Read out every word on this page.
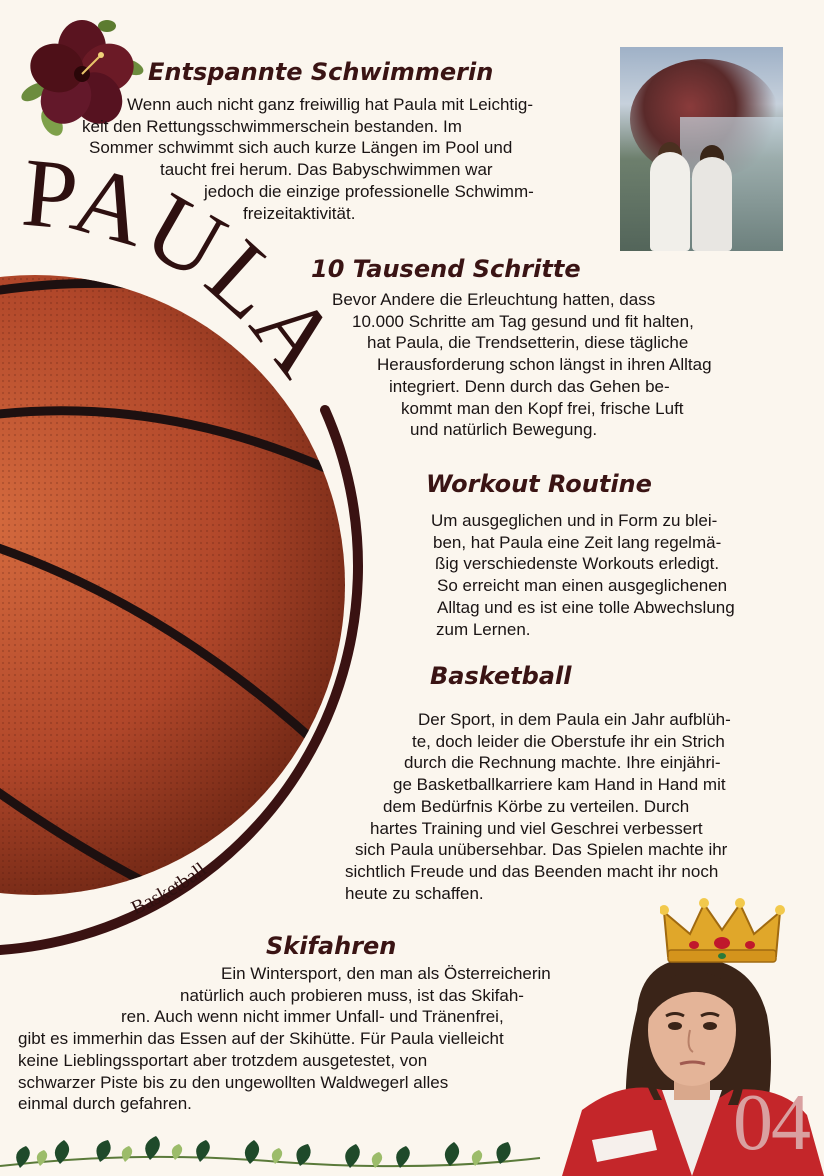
PAULA
Basketball
Entspannte Schwimmerin
Wenn auch nicht ganz freiwillig hat Paula mit Leichtig-
keit den Rettungsschwimmerschein bestanden. Im
Sommer schwimmt sich auch kurze Längen im Pool und
taucht frei herum. Das Babyschwimmen war
jedoch die einzige professionelle Schwimm-
freizeitaktivität.
10 Tausend Schritte
Bevor Andere die Erleuchtung hatten, dass
10.000 Schritte am Tag gesund und fit halten,
hat Paula, die Trendsetterin, diese tägliche
Herausforderung schon längst in ihren Alltag
integriert. Denn durch das Gehen be-
kommt man den Kopf frei, frische Luft
und natürlich Bewegung.
Workout Routine
Um ausgeglichen und in Form zu blei-
ben, hat Paula eine Zeit lang regelmä-
ßig verschiedenste Workouts erledigt.
So erreicht man einen ausgeglichenen
Alltag und es ist eine tolle Abwechslung
zum Lernen.
Basketball
Der Sport, in dem Paula ein Jahr aufblüh-
te, doch leider die Oberstufe ihr ein Strich
durch die Rechnung machte. Ihre einjähri-
ge Basketballkarriere kam Hand in Hand mit
dem Bedürfnis Körbe zu verteilen. Durch
hartes Training und viel Geschrei verbessert
sich Paula unübersehbar. Das Spielen machte ihr
sichtlich Freude und das Beenden macht ihr noch
heute zu schaffen.
Skifahren
Ein Wintersport, den man als Österreicherin
natürlich auch probieren muss, ist das Skifah-
ren. Auch wenn nicht immer Unfall- und Tränenfrei,
gibt es immerhin das Essen auf der Skihütte. Für Paula vielleicht
keine Lieblingssportart aber trotzdem ausgetestet, von
schwarzer Piste bis zu den ungewollten Waldwegerl alles
einmal durch gefahren.	04
